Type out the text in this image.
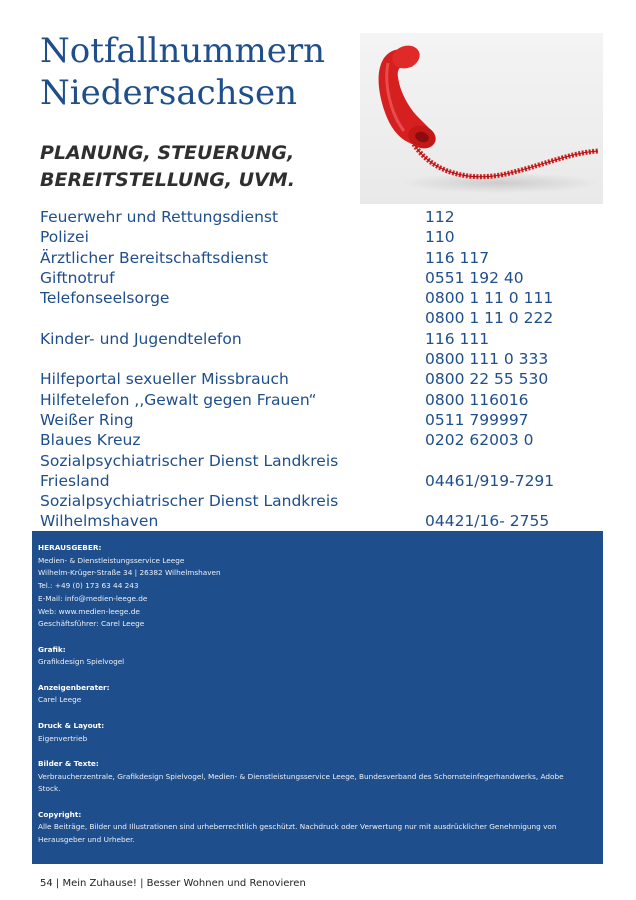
Notfallnummern
Niedersachsen
PLANUNG, STEUERUNG,
BEREITSTELLUNG, UVM.
Feuerwehr und Rettungsdienst	112
Polizei	110
Ärztlicher Bereitschaftsdienst	116 117
Giftnotruf	0551 192 40
Telefonseelsorge	0800 1 11 0 111
0800 1 11 0 222
Kinder- und Jugendtelefon	116 111
0800 111 0 333
Hilfeportal sexueller Missbrauch	0800 22 55 530
Hilfetelefon ,,Gewalt gegen Frauen“	0800 116016
Weißer Ring	0511 799997
Blaues Kreuz	0202 62003 0
Sozialpsychiatrischer Dienst Landkreis
Friesland	04461/919-7291
Sozialpsychiatrischer Dienst Landkreis
Wilhelmshaven	04421/16- 2755
HERAUSGEBER:
Medien- & Dienstleistungsservice Leege
Wilhelm-Krüger-Straße 34 | 26382 Wilhelmshaven
Tel.: +49 (0) 173 63 44 243
E-Mail: info@medien-leege.de
Web: www.medien-leege.de
Geschäftsführer: Carel Leege
Grafik:
Grafikdesign Spielvogel
Anzeigenberater:
Carel Leege
Druck & Layout:
Eigenvertrieb
Bilder & Texte:
Verbraucherzentrale, Grafikdesign Spielvogel, Medien- & Dienstleistungsservice Leege, Bundesverband des Schornsteinfegerhandwerks, Adobe
Stock.
Copyright:
Alle Beiträge, Bilder und Illustrationen sind urheberrechtlich geschützt. Nachdruck oder Verwertung nur mit ausdrücklicher Genehmigung von
Herausgeber und Urheber.
54 | Mein Zuhause! | Besser Wohnen und Renovieren
